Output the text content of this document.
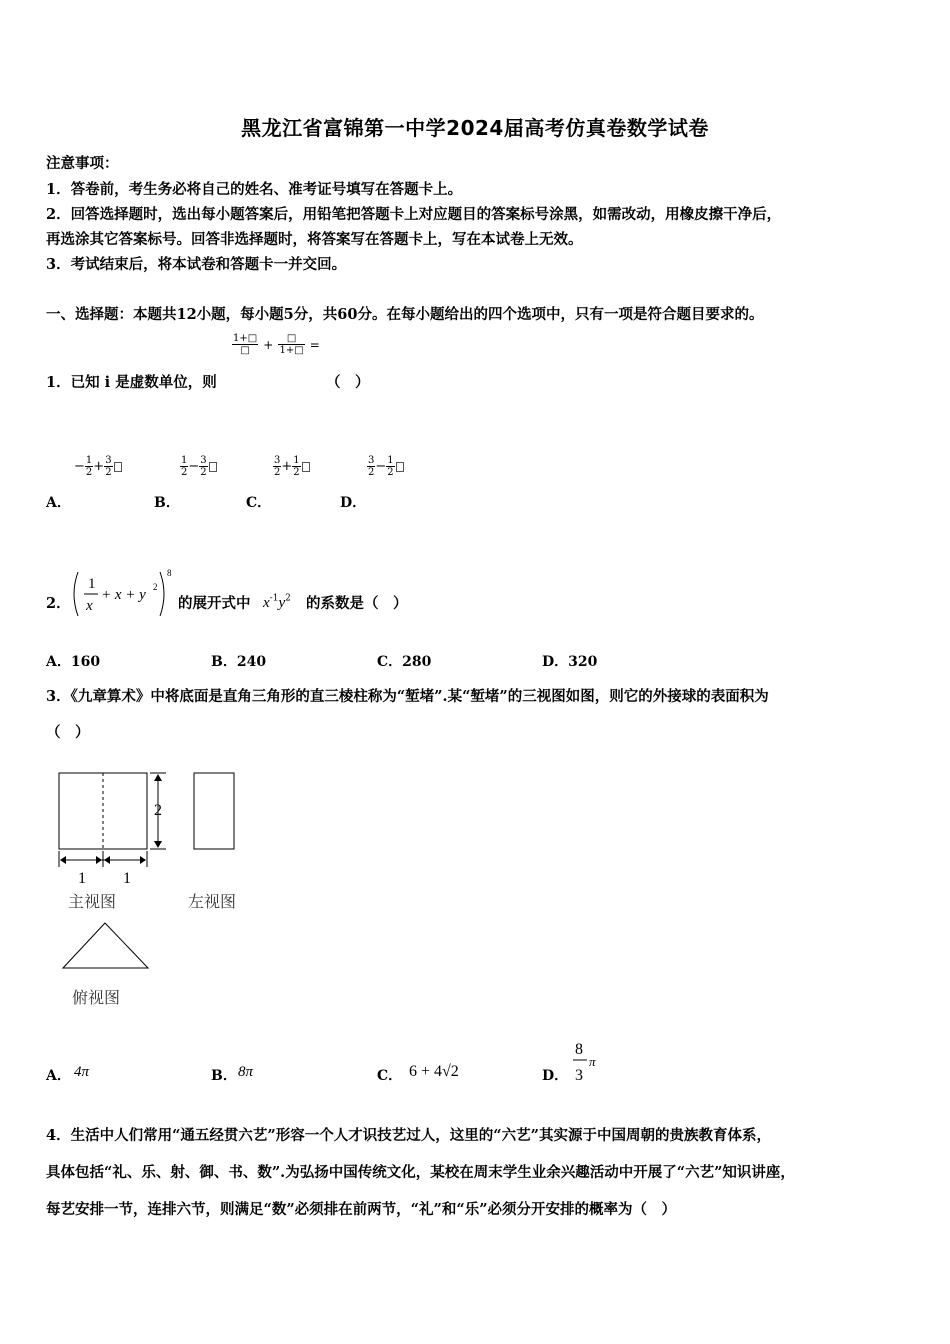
黑龙江省富锦第一中学2024届高考仿真卷数学试卷
注意事项：
1．答卷前，考生务必将自己的姓名、准考证号填写在答题卡上。
2．回答选择题时，选出每小题答案后，用铅笔把答题卡上对应题目的答案标号涂黑，如需改动，用橡皮擦干净后，
再选涂其它答案标号。回答非选择题时，将答案写在答题卡上，写在本试卷上无效。
3．考试结束后，将本试卷和答题卡一并交回。
一、选择题：本题共12小题，每小题5分，共60分。在每小题给出的四个选项中，只有一项是符合题目要求的。
$\frac{1+□}{□} + \frac{□}{1+□}$ =
1．已知 i 是虚数单位，则	（　）
− $\frac{1}{2} + \frac{3}{2}$	$\frac{1}{2} - \frac{3}{2}$	$\frac{3}{2} + \frac{1}{2}$	$\frac{3}{2} - \frac{1}{2}$
A．	B．	C．	D．
2．
1
x
+ x + y 2
8
的展开式中 $x^{-1}y^2$ 的系数是（　）
A．160	B．240	C．280	D．320
3．《九章算术》中将底面是直角三角形的直三棱柱称为“堑堵”.某“堑堵”的三视图如图，则它的外接球的表面积为
（　）
2
1 1
主视图	左视图
俯视图
A． 4π	B． 8π	C． 6 + 4√2	D．
8
3
π
4．生活中人们常用“通五经贯六艺”形容一个人才识技艺过人，这里的“六艺”其实源于中国周朝的贵族教育体系，
具体包括“礼、乐、射、御、书、数”.为弘扬中国传统文化，某校在周末学生业余兴趣活动中开展了“六艺”知识讲座，
每艺安排一节，连排六节，则满足“数”必须排在前两节，“礼”和“乐”必须分开安排的概率为（　）
